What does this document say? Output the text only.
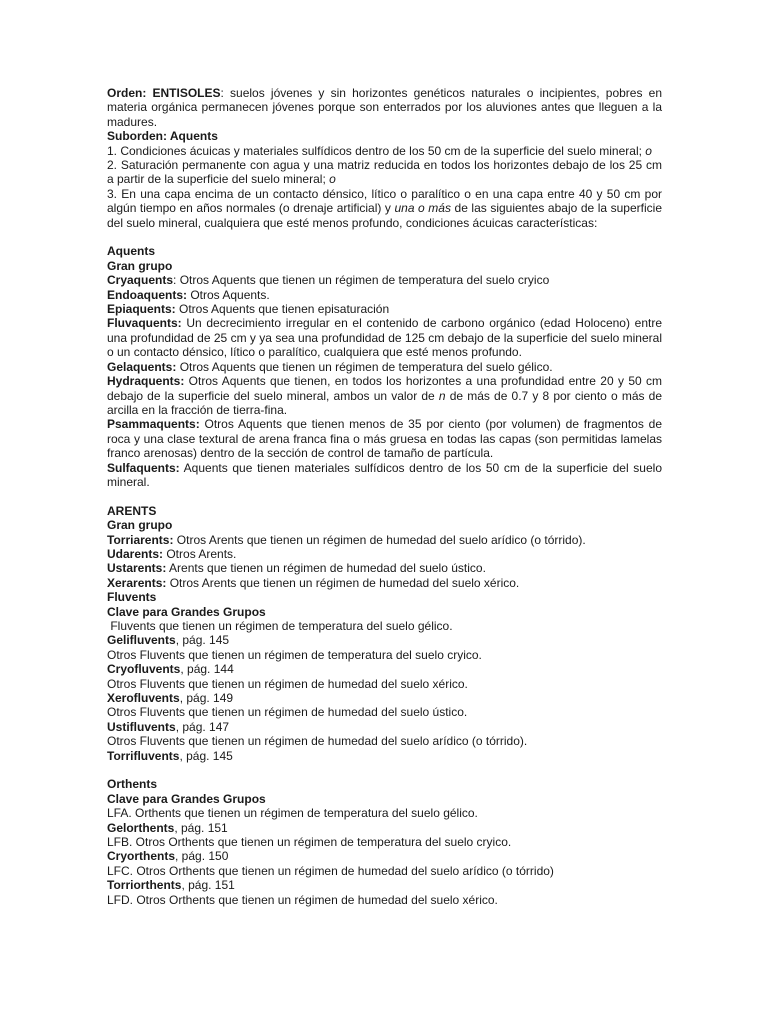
Orden: ENTISOLES: suelos jóvenes y sin horizontes genéticos naturales o incipientes, pobres en materia orgánica permanecen jóvenes porque son enterrados por los aluviones antes que lleguen a la madures.

Suborden: Aquents

1. Condiciones ácuicas y materiales sulfídicos dentro de los 50 cm de la superficie del suelo mineral; o

2. Saturación permanente con agua y una matriz reducida en todos los horizontes debajo de los 25 cm a partir de la superficie del suelo mineral; o

3. En una capa encima de un contacto dénsico, lítico o paralítico o en una capa entre 40 y 50 cm por algún tiempo en años normales (o drenaje artificial) y una o más de las siguientes abajo de la superficie del suelo mineral, cualquiera que esté menos profundo, condiciones ácuicas características:

Aquents

Gran grupo

Cryaquents: Otros Aquents que tienen un régimen de temperatura del suelo cryico

Endoaquents: Otros Aquents.

Epiaquents: Otros Aquents que tienen episaturación

Fluvaquents: Un decrecimiento irregular en el contenido de carbono orgánico (edad Holoceno) entre una profundidad de 25 cm y ya sea una profundidad de 125 cm debajo de la superficie del suelo mineral o un contacto dénsico, lítico o paralítico, cualquiera que esté menos profundo.

Gelaquents: Otros Aquents que tienen un régimen de temperatura del suelo gélico.

Hydraquents: Otros Aquents que tienen, en todos los horizontes a una profundidad entre 20 y 50 cm debajo de la superficie del suelo mineral, ambos un valor de n de más de 0.7 y 8 por ciento o más de arcilla en la fracción de tierra-fina.

Psammaquents: Otros Aquents que tienen menos de 35 por ciento (por volumen) de fragmentos de roca y una clase textural de arena franca fina o más gruesa en todas las capas (son permitidas lamelas franco arenosas) dentro de la sección de control de tamaño de partícula.

Sulfaquents: Aquents que tienen materiales sulfídicos dentro de los 50 cm de la superficie del suelo mineral.

ARENTS

Gran grupo

Torriarents: Otros Arents que tienen un régimen de humedad del suelo arídico (o tórrido).

Udarents: Otros Arents.

Ustarents: Arents que tienen un régimen de humedad del suelo ústico.

Xerarents: Otros Arents que tienen un régimen de humedad del suelo xérico.

Fluvents

Clave para Grandes Grupos

Fluvents que tienen un régimen de temperatura del suelo gélico.

Gelifluvents, pág. 145

Otros Fluvents que tienen un régimen de temperatura del suelo cryico.

Cryofluvents, pág. 144

Otros Fluvents que tienen un régimen de humedad del suelo xérico.

Xerofluvents, pág. 149

Otros Fluvents que tienen un régimen de humedad del suelo ústico.

Ustifluvents, pág. 147

Otros Fluvents que tienen un régimen de humedad del suelo arídico (o tórrido).

Torrifluvents, pág. 145

Orthents

Clave para Grandes Grupos

LFA. Orthents que tienen un régimen de temperatura del suelo gélico.

Gelorthents, pág. 151

LFB. Otros Orthents que tienen un régimen de temperatura del suelo cryico.

Cryorthents, pág. 150

LFC. Otros Orthents que tienen un régimen de humedad del suelo arídico (o tórrido)

Torriorthents, pág. 151

LFD. Otros Orthents que tienen un régimen de humedad del suelo xérico.
